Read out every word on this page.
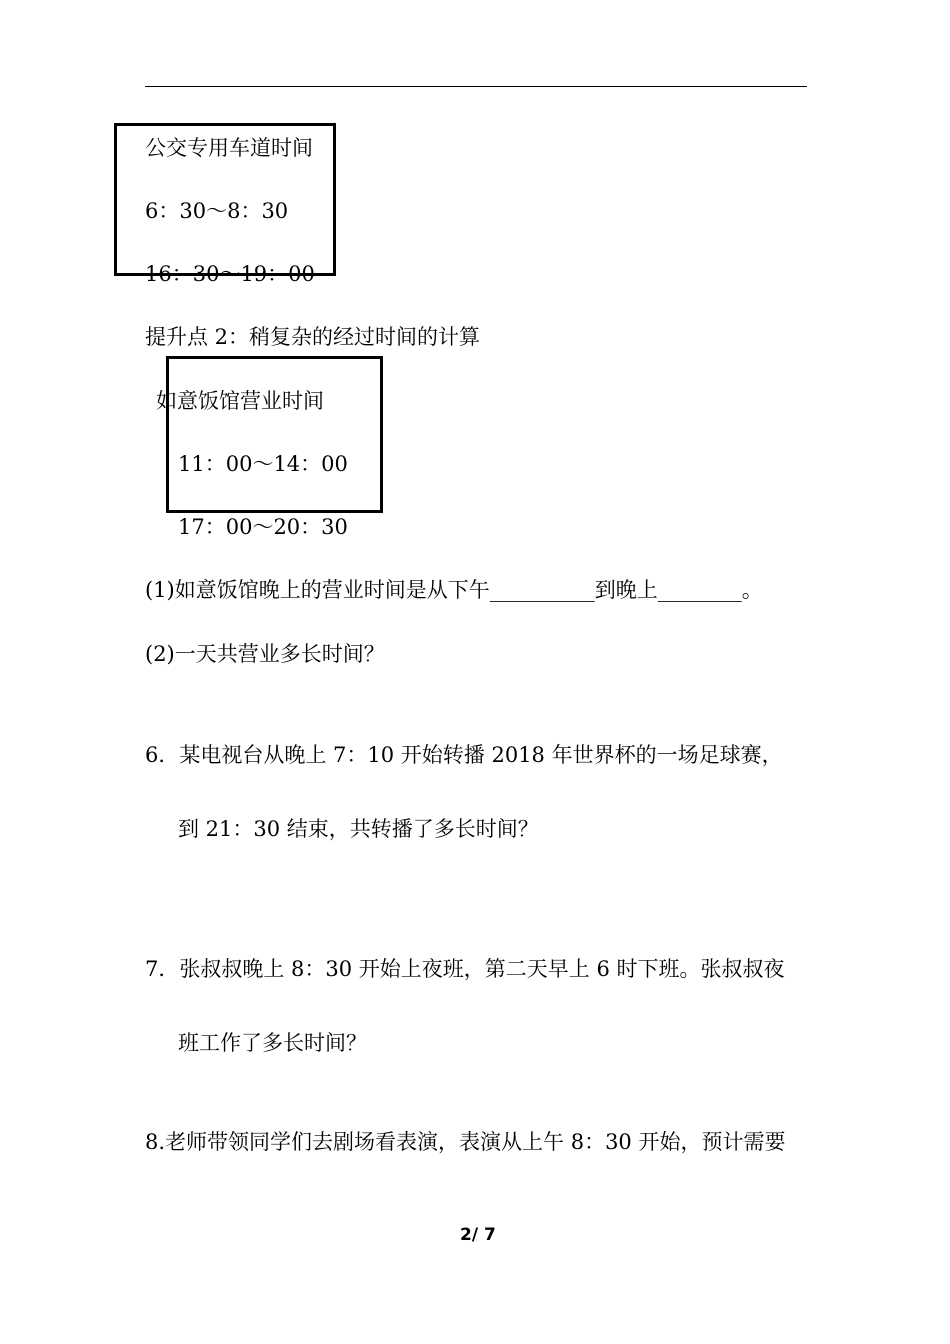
公交专用车道时间
6：30～8：30
16：30～19：00
提升点 2：稍复杂的经过时间的计算
如意饭馆营业时间
11：00～14：00
17：00～20：30
(1)如意饭馆晚上的营业时间是从下午__________到晚上________。
(2)一天共营业多长时间？
6．某电视台从晚上 7：10 开始转播 2018 年世界杯的一场足球赛，
到 21：30 结束，共转播了多长时间？
7．张叔叔晚上 8：30 开始上夜班，第二天早上 6 时下班。张叔叔夜
班工作了多长时间？
8.老师带领同学们去剧场看表演，表演从上午 8：30 开始，预计需要
2/ 7
